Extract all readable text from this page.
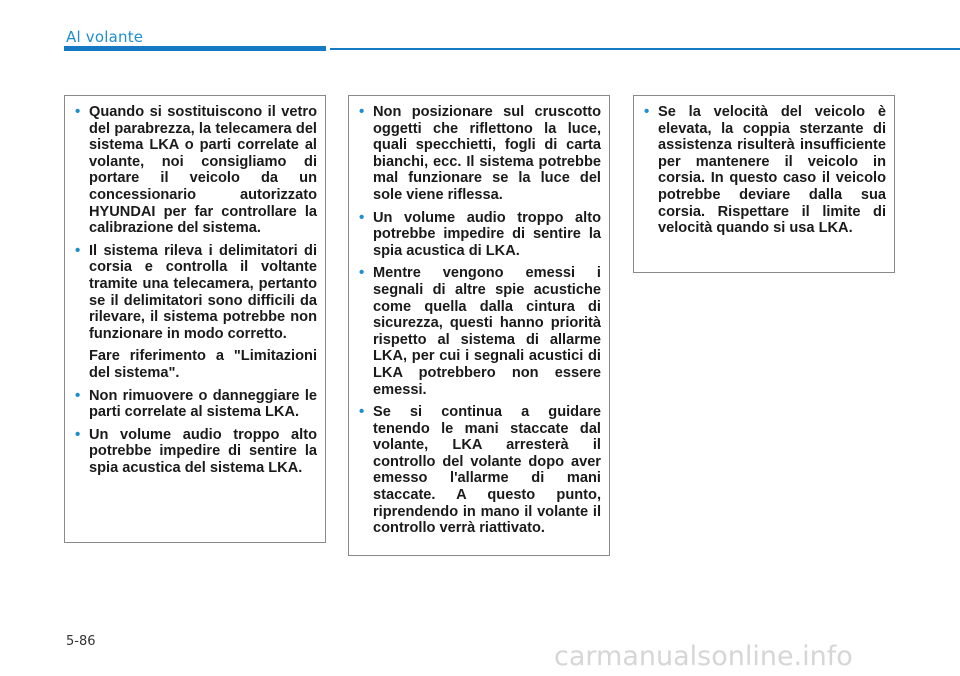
Al volante
• Quando si sostituiscono il vetro del parabrezza, la telecamera del sistema LKA o parti correlate al volante, noi consigliamo di portare il veicolo da un concessionario autorizzato HYUNDAI per far controllare la calibrazione del sistema.
• Il sistema rileva i delimitatori di corsia e controlla il voltante tramite una telecamera, pertanto se il delimitatori sono difficili da rilevare, il sistema potrebbe non funzionare in modo corretto.
Fare riferimento a "Limitazioni del sistema".
• Non rimuovere o danneggiare le parti correlate al sistema LKA.
• Un volume audio troppo alto potrebbe impedire di sentire la spia acustica del sistema LKA.
• Non posizionare sul cruscotto oggetti che riflettono la luce, quali specchietti, fogli di carta bianchi, ecc. Il sistema potrebbe mal funzionare se la luce del sole viene riflessa.
• Un volume audio troppo alto potrebbe impedire di sentire la spia acustica di LKA.
• Mentre vengono emessi i segnali di altre spie acustiche come quella dalla cintura di sicurezza, questi hanno priorità rispetto al sistema di allarme LKA, per cui i segnali acustici di LKA potrebbero non essere emessi.
• Se si continua a guidare tenendo le mani staccate dal volante, LKA arresterà il controllo del volante dopo aver emesso l'allarme di mani staccate. A questo punto, riprendendo in mano il volante il controllo verrà riattivato.
• Se la velocità del veicolo è elevata, la coppia sterzante di assistenza risulterà insufficiente per mantenere il veicolo in corsia. In questo caso il veicolo potrebbe deviare dalla sua corsia. Rispettare il limite di velocità quando si usa LKA.
5-86	carmanualsonline.info
